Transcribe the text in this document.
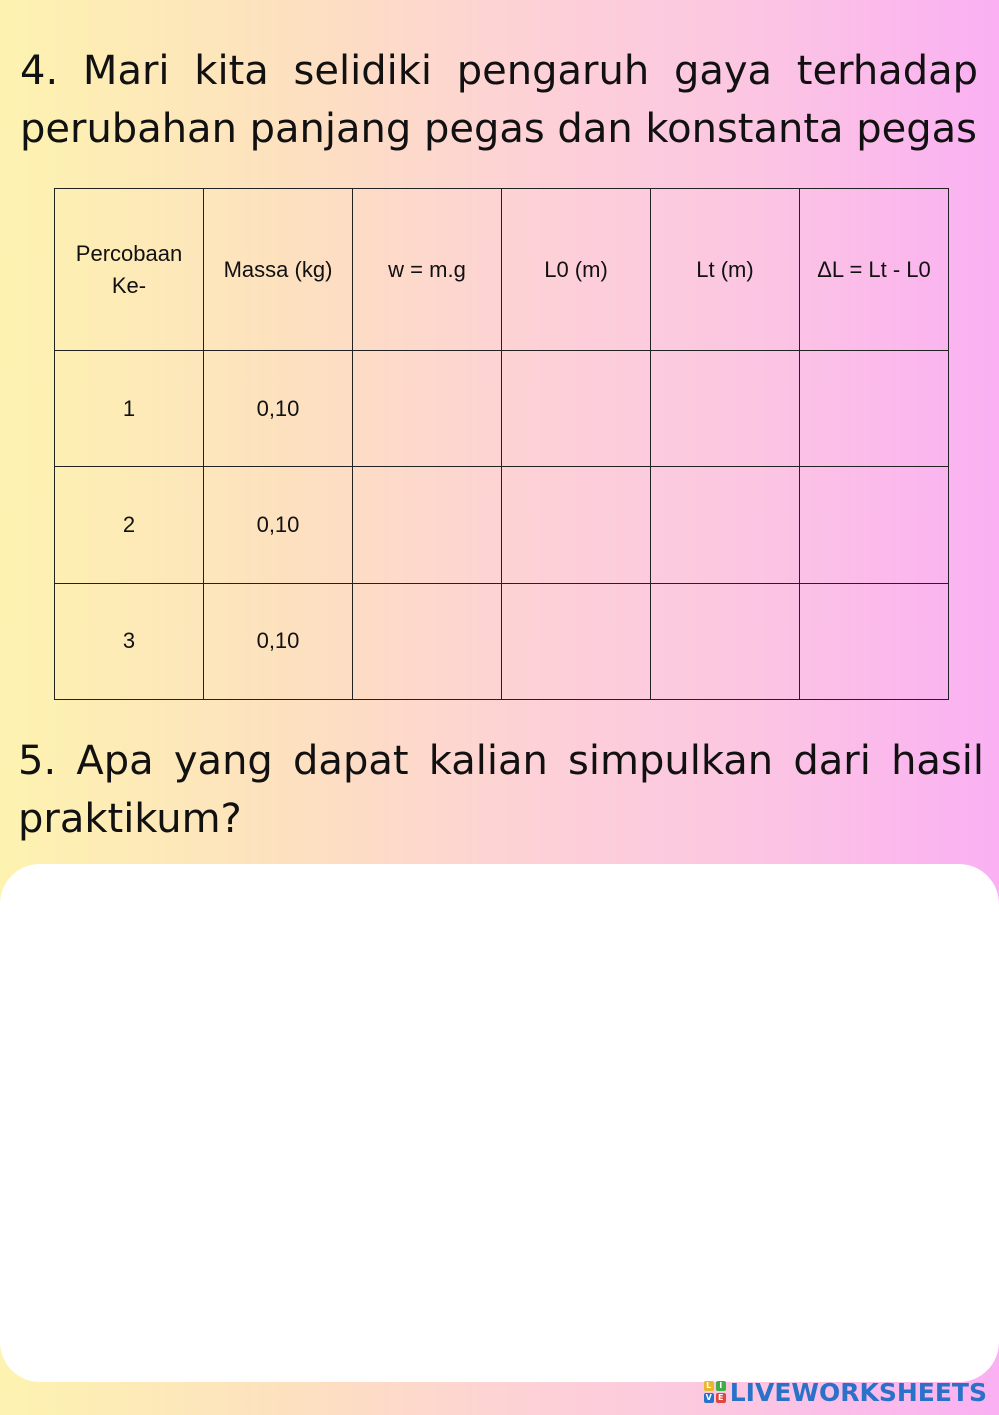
4. Mari kita selidiki pengaruh gaya terhadap perubahan panjang pegas dan konstanta pegas

Percobaan Ke-	Massa (kg)	w = m.g	L0 (m)	Lt (m)	ΔL = Lt - L0
1	0,10				
2	0,10				
3	0,10				

5. Apa yang dapat kalian simpulkan dari hasil praktikum?

L I
V E LIVEWORKSHEETS
